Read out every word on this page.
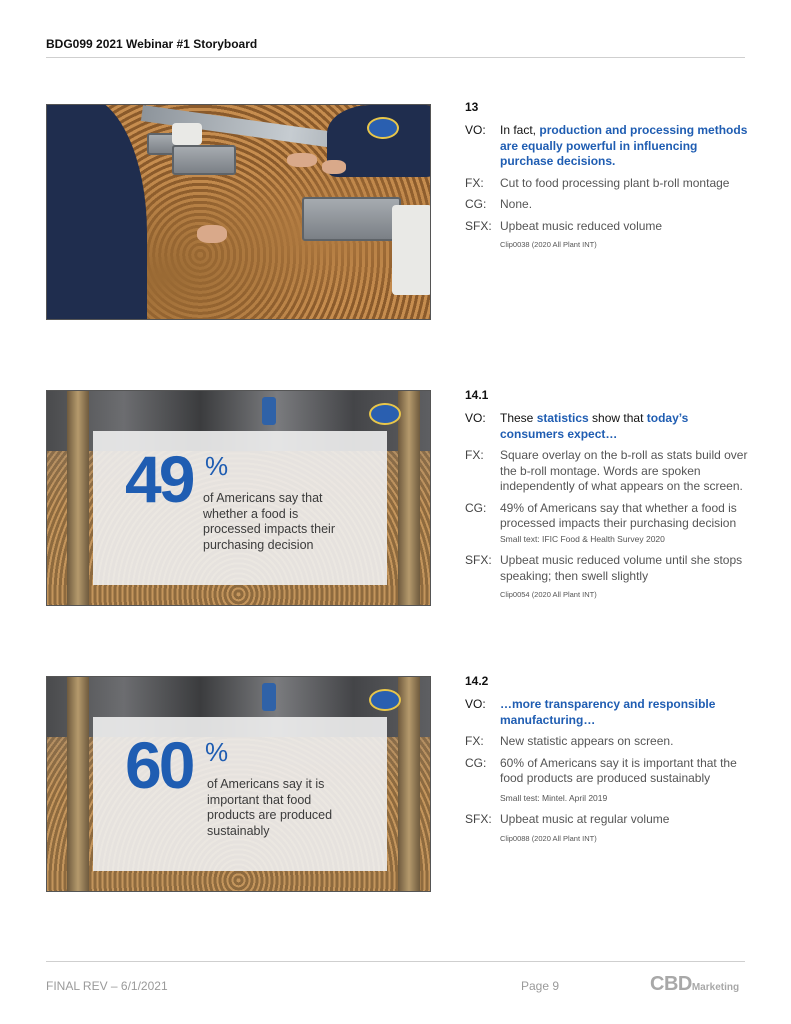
BDG099 2021 Webinar #1 Storyboard
13
VO:	In fact, production and processing methods are equally powerful in influencing purchase decisions.
FX:	Cut to food processing plant b-roll montage
CG:	None.
SFX: Upbeat music reduced volume
Clip0038 (2020 All Plant INT)
49 %
of Americans say that whether a food is processed impacts their purchasing decision
14.1
VO:	These statistics show that today’s consumers expect…
FX:	Square overlay on the b-roll as stats build over the b-roll montage. Words are spoken independently of what appears on the screen.
CG:	49% of Americans say that whether a food is processed impacts their purchasing decision
Small text: IFIC Food & Health Survey 2020
SFX: Upbeat music reduced volume until she stops speaking; then swell slightly
Clip0054 (2020 All Plant INT)
60 %
of Americans say it is important that food products are produced sustainably
14.2
VO:	…more transparency and responsible manufacturing…
FX:	New statistic appears on screen.
CG:	60% of Americans say it is important that the food products are produced sustainably
Small test: Mintel. April 2019
SFX: Upbeat music at regular volume
Clip0088 (2020 All Plant INT)
FINAL REV – 6/1/2021	Page 9	CBDMarketing
